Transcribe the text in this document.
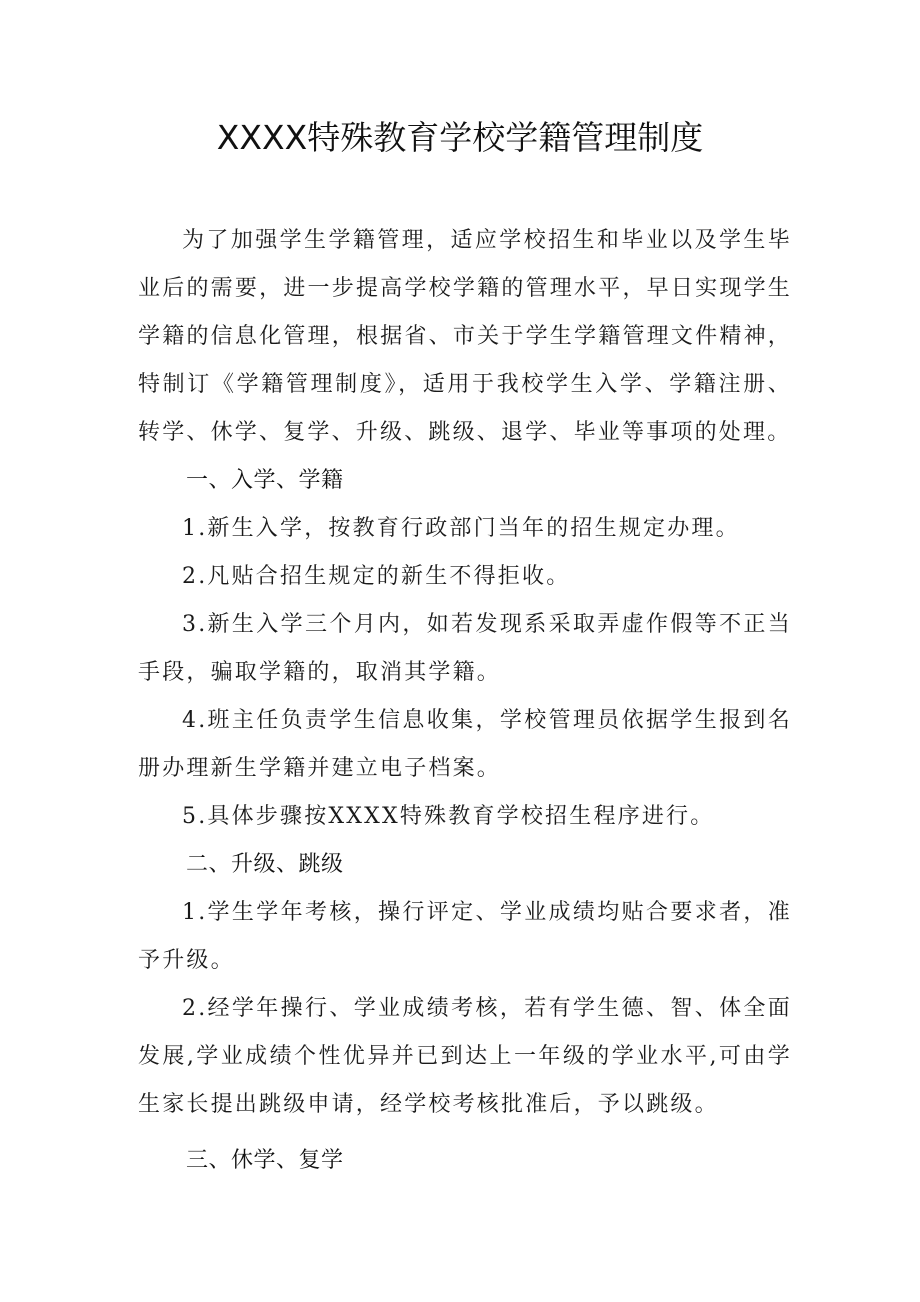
XXXX特殊教育学校学籍管理制度

为了加强学生学籍管理，适应学校招生和毕业以及学生毕业后的需要，进一步提高学校学籍的管理水平，早日实现学生学籍的信息化管理，根据省、市关于学生学籍管理文件精神，特制订《学籍管理制度》，适用于我校学生入学、学籍注册、转学、休学、复学、升级、跳级、退学、毕业等事项的处理。

一、入学、学籍

1.新生入学，按教育行政部门当年的招生规定办理。

2.凡贴合招生规定的新生不得拒收。

3.新生入学三个月内，如若发现系采取弄虚作假等不正当手段，骗取学籍的，取消其学籍。

4.班主任负责学生信息收集，学校管理员依据学生报到名册办理新生学籍并建立电子档案。

5.具体步骤按XXXX特殊教育学校招生程序进行。

二、升级、跳级

1.学生学年考核，操行评定、学业成绩均贴合要求者，准予升级。

2.经学年操行、学业成绩考核，若有学生德、智、体全面发展,学业成绩个性优异并已到达上一年级的学业水平,可由学生家长提出跳级申请，经学校考核批准后，予以跳级。

三、休学、复学
